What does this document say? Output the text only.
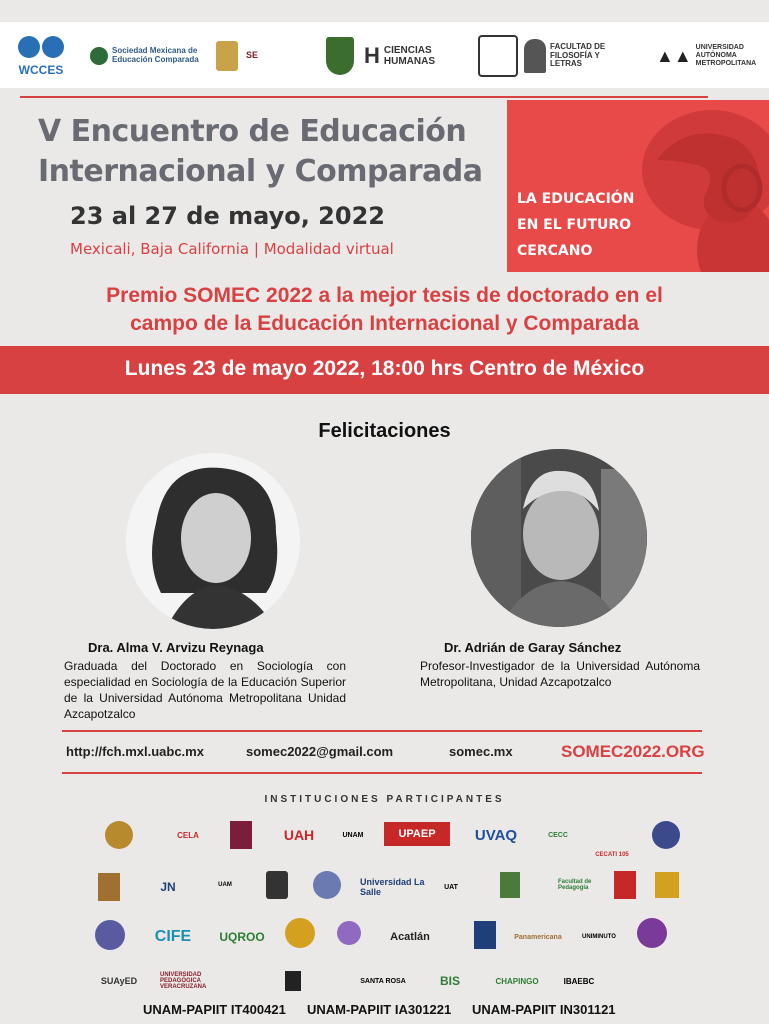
WCCES
Sociedad Mexicana de Educación Comparada	SE	H CIENCIAS HUMANAS
FACULTAD DE FILOSOFÍA Y LETRAS	▲▲ UNIVERSIDAD AUTÓNOMA METROPOLITANA
V Encuentro de Educación
Internacional y Comparada
23 al 27 de mayo, 2022
Mexicali, Baja California | Modalidad virtual
LA EDUCACIÓN
EN EL FUTURO
CERCANO
Premio SOMEC 2022 a la mejor tesis de doctorado en el
campo de la Educación Internacional y Comparada
Lunes 23 de mayo 2022, 18:00 hrs Centro de México
Felicitaciones
Dra. Alma V. Arvizu Reynaga
Graduada del Doctorado en Sociología con especialidad en Sociología de la Educación Superior de la Universidad Autónoma Metropolitana Unidad Azcapotzalco
Dr. Adrián de Garay Sánchez
Profesor-Investigador de la Universidad Autónoma Metropolitana, Unidad Azcapotzalco
http://fch.mxl.uabc.mx	somec2022@gmail.com	somec.mx	SOMEC2022.ORG
INSTITUCIONES PARTICIPANTES
CELA	UAH	UNAM	UPAEP	UVAQ	CECC
CECATI 105
JN	UAM	Universidad La Salle	UAT
Facultad de Pedagogía
CIFE	UQROO	Acatlán	Panamericana	UNIMINUTO
SUAyED
UNIVERSIDAD PEDAGÓGICA VERACRUZANA
SANTA ROSA	BIS	CHAPINGO	IBAEBC
UNAM-PAPIIT IT400421 UNAM-PAPIIT IA301221 UNAM-PAPIIT IN301121
